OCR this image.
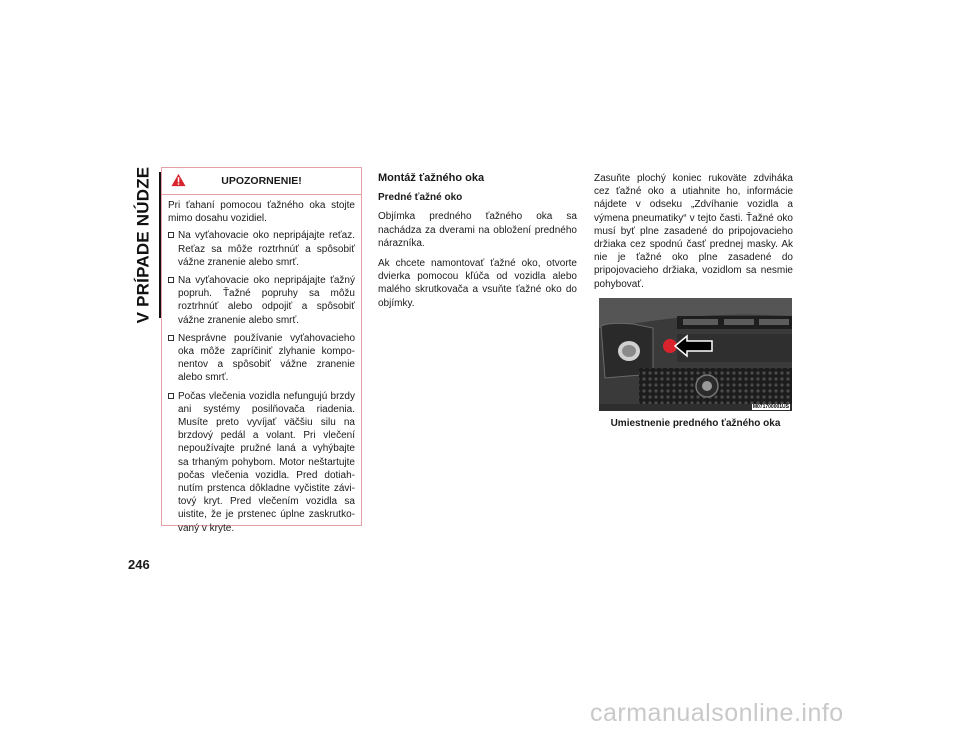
V PRÍPADE NÚDZE
246
UPOZORNENIE!

Pri ťahaní pomocou ťažného oka stojte mimo dosahu vozidiel.

Na vyťahovacie oko nepripájajte reťaz. Reťaz sa môže roztrhnúť a spôsobiť vážne zranenie alebo smrť.
Na vyťahovacie oko nepripájajte ťažný popruh. Ťažné popruhy sa môžu roztrhnúť alebo odpojiť a spôsobiť vážne zranenie alebo smrť.
Nesprávne používanie vyťahovacieho oka môže zapríčiniť zlyhanie komponentov a spôsobiť vážne zranenie alebo smrť.
Počas vlečenia vozidla nefungujú brzdy ani systémy posilňovača riadenia. Musíte preto vyvíjať väčšiu silu na brzdový pedál a volant. Pri vlečení nepoužívajte pružné laná a vyhýbajte sa trhaným pohybom. Motor neštartujte počas vlečenia vozidla. Pred dotiahnutím prstenca dôkladne vyčistite závitový kryt. Pred vlečením vozidla sa uistite, že je prstenec úplne zaskrutkovaný v kryte.
Montáž ťažného oka
Predné ťažné oko

Objímka predného ťažného oka sa nachádza za dverami na obložení predného nárazníka.

Ak chcete namontovať ťažné oko, otvorte dvierka pomocou kľúča od vozidla alebo malého skrutkovača a vsuňte ťažné oko do objímky.

Zasuňte plochý koniec rukoväte zdviháka cez ťažné oko a utiahnite ho, informácie nájdete v odseku „Zdvíhanie vozidla a výmena pneumatiky“ v tejto časti. Ťažné oko musí byť plne zasadené do pripojovacieho držiaka cez spodnú časť prednej masky. Ak nie je ťažné oko plne zasadené do pripojovacieho držiaka, vozidlom sa nesmie pohybovať.

M071700001US
Umiestnenie predného ťažného oka
carmanualsonline.info
